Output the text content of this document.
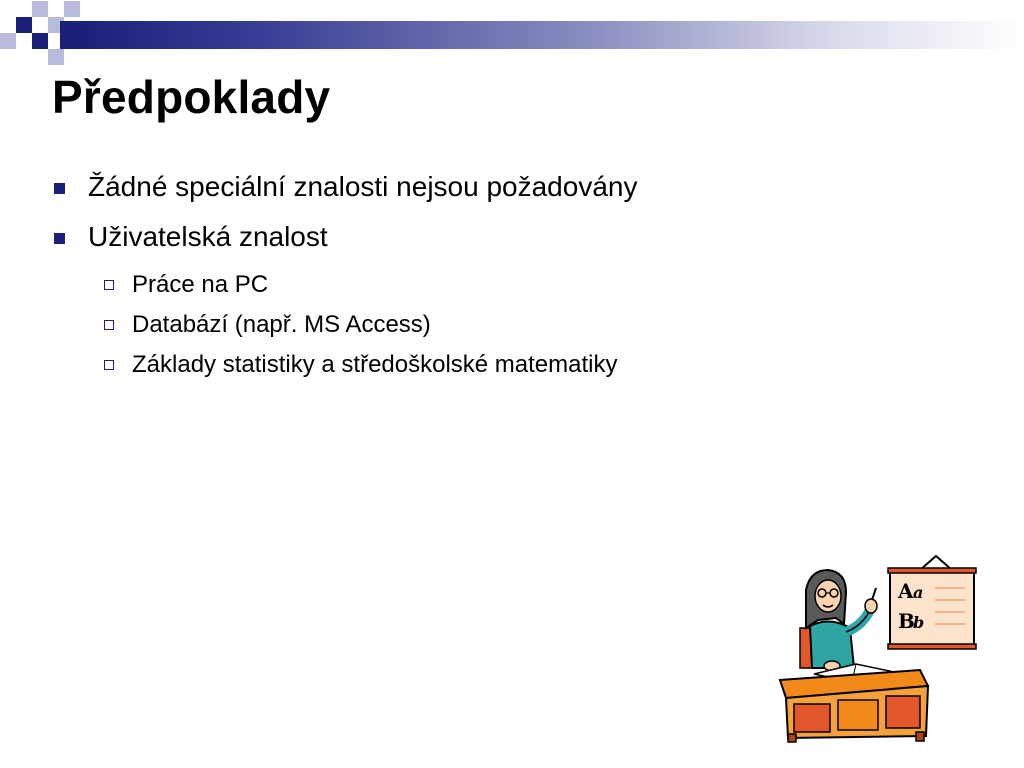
Předpoklady
Žádné speciální znalosti nejsou požadovány
Uživatelská znalost
Práce na PC
Databází (např. MS Access)
Základy statistiky a středoškolské matematiky
A a
B
b
